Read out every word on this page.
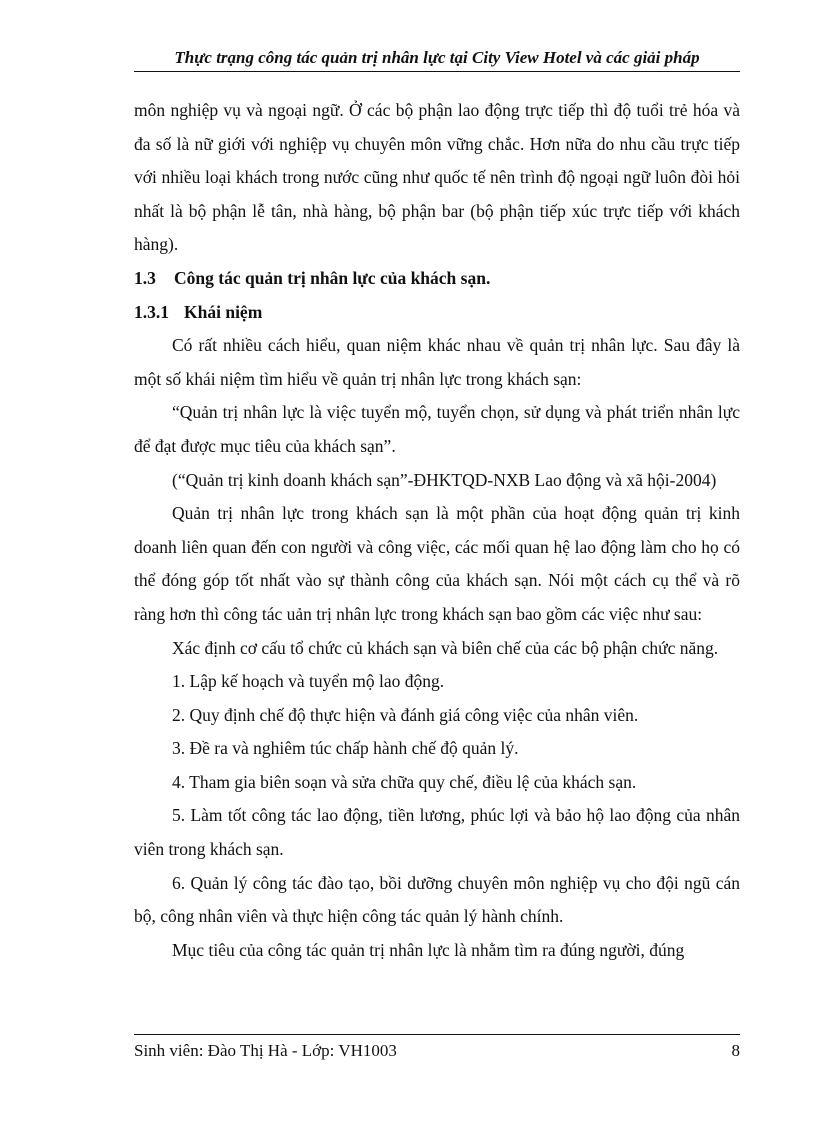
Thực trạng công tác quản trị nhân lực tại City View Hotel và các giải pháp

môn nghiệp vụ và ngoại ngữ. Ở các bộ phận lao động trực tiếp thì độ tuổi trẻ hóa và đa số là nữ giới với nghiệp vụ chuyên môn vững chắc. Hơn nữa do nhu cầu trực tiếp với nhiều loại khách trong nước cũng như quốc tế nên trình độ ngoại ngữ luôn đòi hỏi nhất là bộ phận lễ tân, nhà hàng, bộ phận bar (bộ phận tiếp xúc trực tiếp với khách hàng).

1.3 Công tác quản trị nhân lực của khách sạn.

1.3.1 Khái niệm

Có rất nhiều cách hiểu, quan niệm khác nhau về quản trị nhân lực. Sau đây là một số khái niệm tìm hiểu về quản trị nhân lực trong khách sạn:

“Quản trị nhân lực là việc tuyển mộ, tuyển chọn, sử dụng và phát triển nhân lực để đạt được mục tiêu của khách sạn”.

(“Quản trị kinh doanh khách sạn”-ĐHKTQD-NXB Lao động và xã hội-2004)

Quản trị nhân lực trong khách sạn là một phần của hoạt động quản trị kinh doanh liên quan đến con người và công việc, các mối quan hệ lao động làm cho họ có thể đóng góp tốt nhất vào sự thành công của khách sạn. Nói một cách cụ thể và rõ ràng hơn thì công tác uản trị nhân lực trong khách sạn bao gồm các việc như sau:

Xác định cơ cấu tổ chức củ khách sạn và biên chế của các bộ phận chức năng.

1. Lập kế hoạch và tuyển mộ lao động.

2. Quy định chế độ thực hiện và đánh giá công việc của nhân viên.

3. Đề ra và nghiêm túc chấp hành chế độ quản lý.

4. Tham gia biên soạn và sửa chữa quy chế, điều lệ của khách sạn.

5. Làm tốt công tác lao động, tiền lương, phúc lợi và bảo hộ lao động của nhân viên trong khách sạn.

6. Quản lý công tác đào tạo, bồi dưỡng chuyên môn nghiệp vụ cho đội ngũ cán bộ, công nhân viên và thực hiện công tác quản lý hành chính.

Mục tiêu của công tác quản trị nhân lực là nhằm tìm ra đúng người, đúng

Sinh viên: Đào Thị Hà - Lớp: VH1003	8
